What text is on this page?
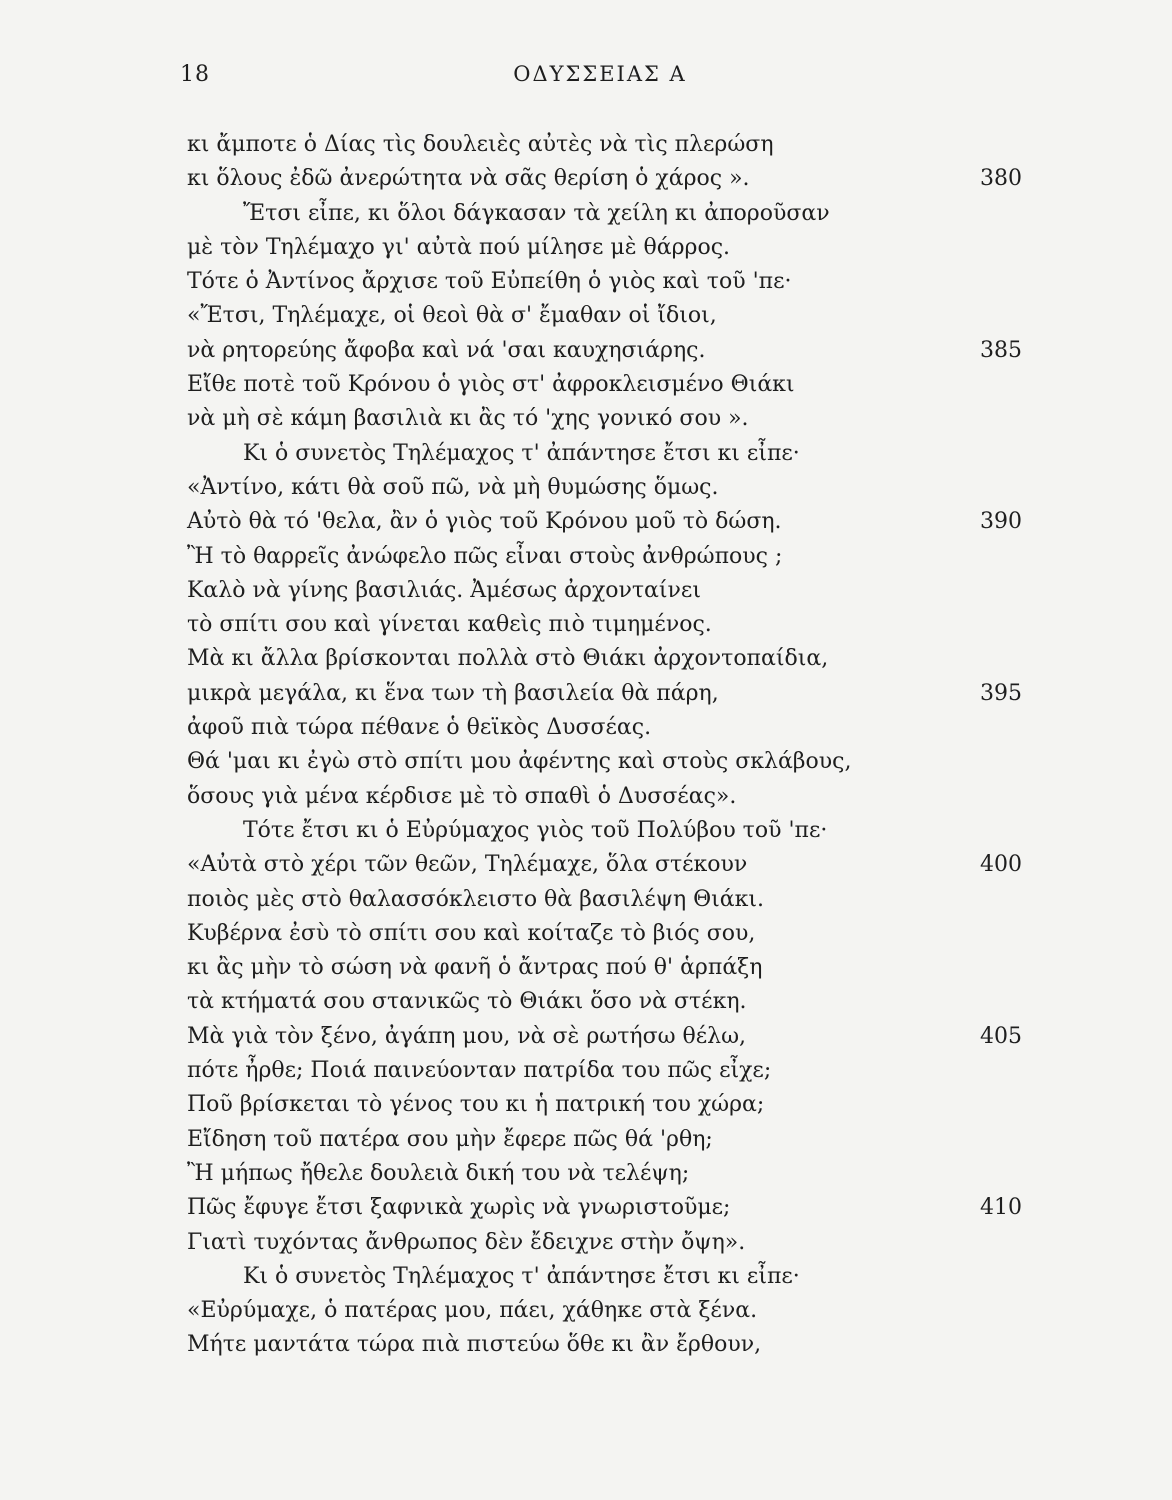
18	ΟΔΥΣΣΕΙΑΣ Α
κι ἄμποτε ὁ Δίας τὶς δουλειὲς αὐτὲς νὰ τὶς πλερώση
κι ὅλους ἐδῶ ἀνερώτητα νὰ σᾶς θερίση ὁ χάρος ».	380
Ἔτσι εἶπε, κι ὅλοι δάγκασαν τὰ χείλη κι ἀποροῦσαν
μὲ τὸν Τηλέμαχο γι' αὐτὰ πού μίλησε μὲ θάρρος.
Τότε ὁ Ἀντίνος ἄρχισε τοῦ Εὐπείθη ὁ γιὸς καὶ τοῦ 'πε·
«Ἔτσι, Τηλέμαχε, οἱ θεοὶ θὰ σ' ἔμαθαν οἱ ἴδιοι,
νὰ ρητορεύης ἄφοβα καὶ νά 'σαι καυχησιάρης.	385
Εἴθε ποτὲ τοῦ Κρόνου ὁ γιὸς στ' ἀφροκλεισμένο Θιάκι
νὰ μὴ σὲ κάμη βασιλιὰ κι ἂς τό 'χης γονικό σου ».
Κι ὁ συνετὸς Τηλέμαχος τ' ἀπάντησε ἔτσι κι εἶπε·
«Ἀντίνο, κάτι θὰ σοῦ πῶ, νὰ μὴ θυμώσης ὅμως.
Αὐτὸ θὰ τό 'θελα, ἂν ὁ γιὸς τοῦ Κρόνου μοῦ τὸ δώση.	390
Ἢ τὸ θαρρεῖς ἀνώφελο πῶς εἶναι στοὺς ἀνθρώπους ;
Καλὸ νὰ γίνης βασιλιάς. Ἀμέσως ἀρχονταίνει
τὸ σπίτι σου καὶ γίνεται καθεὶς πιὸ τιμημένος.
Μὰ κι ἄλλα βρίσκονται πολλὰ στὸ Θιάκι ἀρχοντοπαίδια,
μικρὰ μεγάλα, κι ἕνα των τὴ βασιλεία θὰ πάρη,	395
ἀφοῦ πιὰ τώρα πέθανε ὁ θεϊκὸς Δυσσέας.
Θά 'μαι κι ἐγὼ στὸ σπίτι μου ἀφέντης καὶ στοὺς σκλάβους,
ὅσους γιὰ μένα κέρδισε μὲ τὸ σπαθὶ ὁ Δυσσέας».
Τότε ἔτσι κι ὁ Εὐρύμαχος γιὸς τοῦ Πολύβου τοῦ 'πε·
«Αὐτὰ στὸ χέρι τῶν θεῶν, Τηλέμαχε, ὅλα στέκουν	400
ποιὸς μὲς στὸ θαλασσόκλειστο θὰ βασιλέψη Θιάκι.
Κυβέρνα ἐσὺ τὸ σπίτι σου καὶ κοίταζε τὸ βιός σου,
κι ἂς μὴν τὸ σώση νὰ φανῆ ὁ ἄντρας πού θ' ἁρπάξη
τὰ κτήματά σου στανικῶς τὸ Θιάκι ὅσο νὰ στέκη.
Μὰ γιὰ τὸν ξένο, ἀγάπη μου, νὰ σὲ ρωτήσω θέλω,	405
πότε ἦρθε; Ποιά παινεύονταν πατρίδα του πῶς εἶχε;
Ποῦ βρίσκεται τὸ γένος του κι ἡ πατρική του χώρα;
Εἴδηση τοῦ πατέρα σου μὴν ἔφερε πῶς θά 'ρθη;
Ἢ μήπως ἤθελε δουλειὰ δική του νὰ τελέψη;
Πῶς ἔφυγε ἔτσι ξαφνικὰ χωρὶς νὰ γνωριστοῦμε;	410
Γιατὶ τυχόντας ἄνθρωπος δὲν ἔδειχνε στὴν ὄψη».
Κι ὁ συνετὸς Τηλέμαχος τ' ἀπάντησε ἔτσι κι εἶπε·
«Εὐρύμαχε, ὁ πατέρας μου, πάει, χάθηκε στὰ ξένα.
Μήτε μαντάτα τώρα πιὰ πιστεύω ὅθε κι ἂν ἔρθουν,
